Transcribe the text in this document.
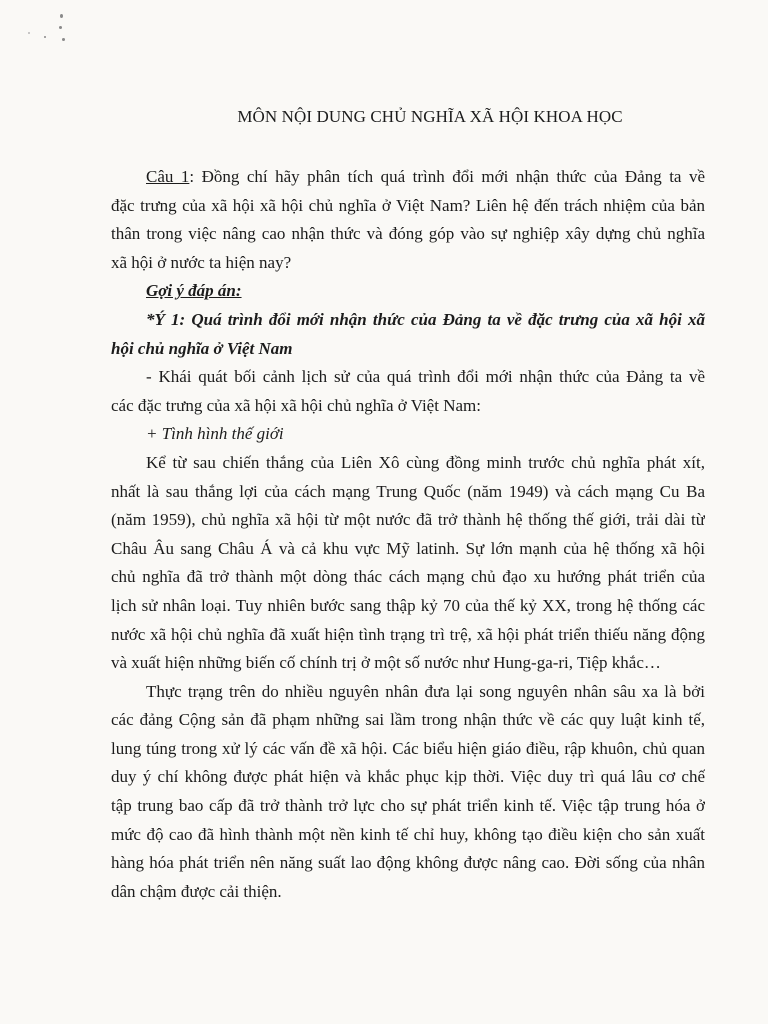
MÔN NỘI DUNG CHỦ NGHĨA XÃ HỘI KHOA HỌC
Câu 1: Đồng chí hãy phân tích quá trình đổi mới nhận thức của Đảng ta về
đặc trưng của xã hội xã hội chủ nghĩa ở Việt Nam? Liên hệ đến trách nhiệm của bản
thân trong việc nâng cao nhận thức và đóng góp vào sự nghiệp xây dựng chủ nghĩa
xã hội ở nước ta hiện nay?
Gợi ý đáp án:
*Ý 1: Quá trình đổi mới nhận thức của Đảng ta về đặc trưng của xã hội xã
hội chủ nghĩa ở Việt Nam
- Khái quát bối cảnh lịch sử của quá trình đổi mới nhận thức của Đảng ta về
các đặc trưng của xã hội xã hội chủ nghĩa ở Việt Nam:
+ Tình hình thế giới
Kể từ sau chiến thắng của Liên Xô cùng đồng minh trước chủ nghĩa phát xít,
nhất là sau thắng lợi của cách mạng Trung Quốc (năm 1949) và cách mạng Cu Ba
(năm 1959), chủ nghĩa xã hội từ một nước đã trở thành hệ thống thế giới, trải dài từ
Châu Âu sang Châu Á và cả khu vực Mỹ latinh. Sự lớn mạnh của hệ thống xã hội
chủ nghĩa đã trở thành một dòng thác cách mạng chủ đạo xu hướng phát triển của
lịch sử nhân loại. Tuy nhiên bước sang thập kỷ 70 của thế kỷ XX, trong hệ thống các
nước xã hội chủ nghĩa đã xuất hiện tình trạng trì trệ, xã hội phát triển thiếu năng động
và xuất hiện những biến cố chính trị ở một số nước như Hung-ga-ri, Tiệp khắc…
Thực trạng trên do nhiều nguyên nhân đưa lại song nguyên nhân sâu xa là bởi
các đảng Cộng sản đã phạm những sai lầm trong nhận thức về các quy luật kinh tế,
lung túng trong xử lý các vấn đề xã hội. Các biểu hiện giáo điều, rập khuôn, chủ quan
duy ý chí không được phát hiện và khắc phục kịp thời. Việc duy trì quá lâu cơ chế
tập trung bao cấp đã trở thành trở lực cho sự phát triển kinh tế. Việc tập trung hóa ở
mức độ cao đã hình thành một nền kinh tế chỉ huy, không tạo điều kiện cho sản xuất
hàng hóa phát triển nên năng suất lao động không được nâng cao. Đời sống của nhân
dân chậm được cải thiện.
